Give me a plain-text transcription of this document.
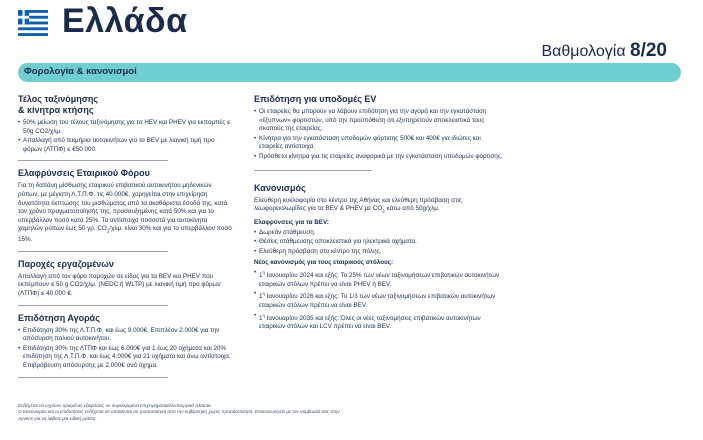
Ελλάδα
Βαθμολογία 8/20
Φορολογία & κανονισμοί
Τέλος ταξινόμησης
& κίνητρα κτήσης
• 50% μείωση του τέλους ταξινόμησης για τα HEV και PHEV για εκπομπές ≤ 50g CO2/χλμ.
• Απαλλαγή από τεκμήρια αυτοκινήτων για τα BEV με λιανική τιμή προ φόρων (ΛΤΠΦ) ≤ €50.000.
Ελαφρύνσεις Εταιρικού Φόρου

Για τη δαπάνη μίσθωσης εταιρικού επιβατικού αυτοκινήτου μηδενικών ρύπων, με μέγιστη Λ.Τ.Π.Φ. τις 40.000€, χορηγείται στην επιχείρηση δυνατότητα έκπτωσης του μισθώματος από τα ακαθάριστα έσοδά της, κατά τον χρόνο πραγματοποίησής της, προσαυξημένης κατά 50% και για το υπερβάλλον ποσό κατά 25%. Τα αντίστοιχα ποσοστά για αυτοκίνητα χαμηλών ρύπων έως 50 γρ. $CO_2$/χλμ. είναι 30% και για το υπερβάλλον ποσό 15%.

Παροχές εργαζομένων

Απαλλαγή από τον φόρο παροχών σε είδος για τα BEV και PHEV που εκπέμπουν ≤ 50 g CO2/χλμ. (NEDC ή WLTP) με λιανική τιμή προ φόρων (ΛΤΠΦ) ≤ 40.000 €.

Επιδότηση Αγοράς
• Επιδότηση 30% της Λ.Τ.Π.Φ. και έως 9.000€. Επιπλέον 2.000€ για την απόσυρση παλιού αυτοκινήτου.
• Επιδότηση 30% της ΛΤΠΦ και έως 6.000€ για 1 έως 20 οχήματα και 20% επιδότηση της Λ.Τ.Π.Φ. και έως 4.000€ για 21 οχήματα και άνω αντίστοιχα. Επιβράβευση απόσυρσης με 2.000€ ανά όχημα.
Επιδότηση για υποδομές EV
• Οι εταιρείες θα μπορούν να λάβουν επιδότηση για την αγορά και την εγκατάσταση «έξυπνων» φορτιστών, υπό την προϋπόθεση ότι εξυπηρετούν αποκλειστικά τους σκοπούς της εταιρείας.
• Κίνητρα για την εγκατάσταση υποδομών φόρτισης 500€ και 400€ για ιδιώτες και εταιρείες αντίστοιχα.
• Πρόσθετα κίνητρα για τις εταιρείες αναφορικά με την εγκατάσταση υποδομών φόρτισης.
Κανονισμός

Ελεύθερη κυκλοφορία στο κέντρο της Αθήνας και ελεύθερη πρόσβαση στις λεωφορειολωρίδες για τα BEV & PHEV με $CO_2$ κάτω από 50g/χλμ.

Ελαφρύνσεις για τα BEV:
• Δωρεάν στάθμευση.
• Θέσεις στάθμευσης αποκλειστικά για ηλεκτρικά οχήματα.
• Ελεύθερη πρόσβαση στο κέντρο της πόλης.
Νέος κανονισμός για τους εταιρικούς στόλους:
• $1^\eta$ Ιανουαρίου 2024 και εξής: Το 25% των νέων ταξινομήσεων επιβατικών αυτοκινήτων εταιρικών στόλων πρέπει να είναι PHEV ή BEV.
• $1^\eta$ Ιανουαρίου 2026 και εξής: Το 1/3 των νέων ταξινομήσεων επιβατικών αυτοκινήτων εταιρικών στόλων πρέπει να είναι BEV.
• $1^\eta$ Ιανουαρίου 2035 και εξής: Όλες οι νέες ταξινομήσεις επιβατικών αυτοκινήτων εταιρικών στόλων και LCV πρέπει να είναι BEV.
Ενδέχεται να ισχύουν ορισμένες εξαιρέσεις σε συγκεκριμένα επιχειρηματικά/λειτουργικά πλαίσια.
Ο Κανονισμός και οι επιδοτήσεις ενδέχεται να υπόκεινται σε τροποποίηση από την κυβέρνηση χωρίς προειδοποίηση. Επικοινωνήστε με τον σύμβουλό σας στην
Ayvens για να λάβετε μια ειδική μελέτη.
